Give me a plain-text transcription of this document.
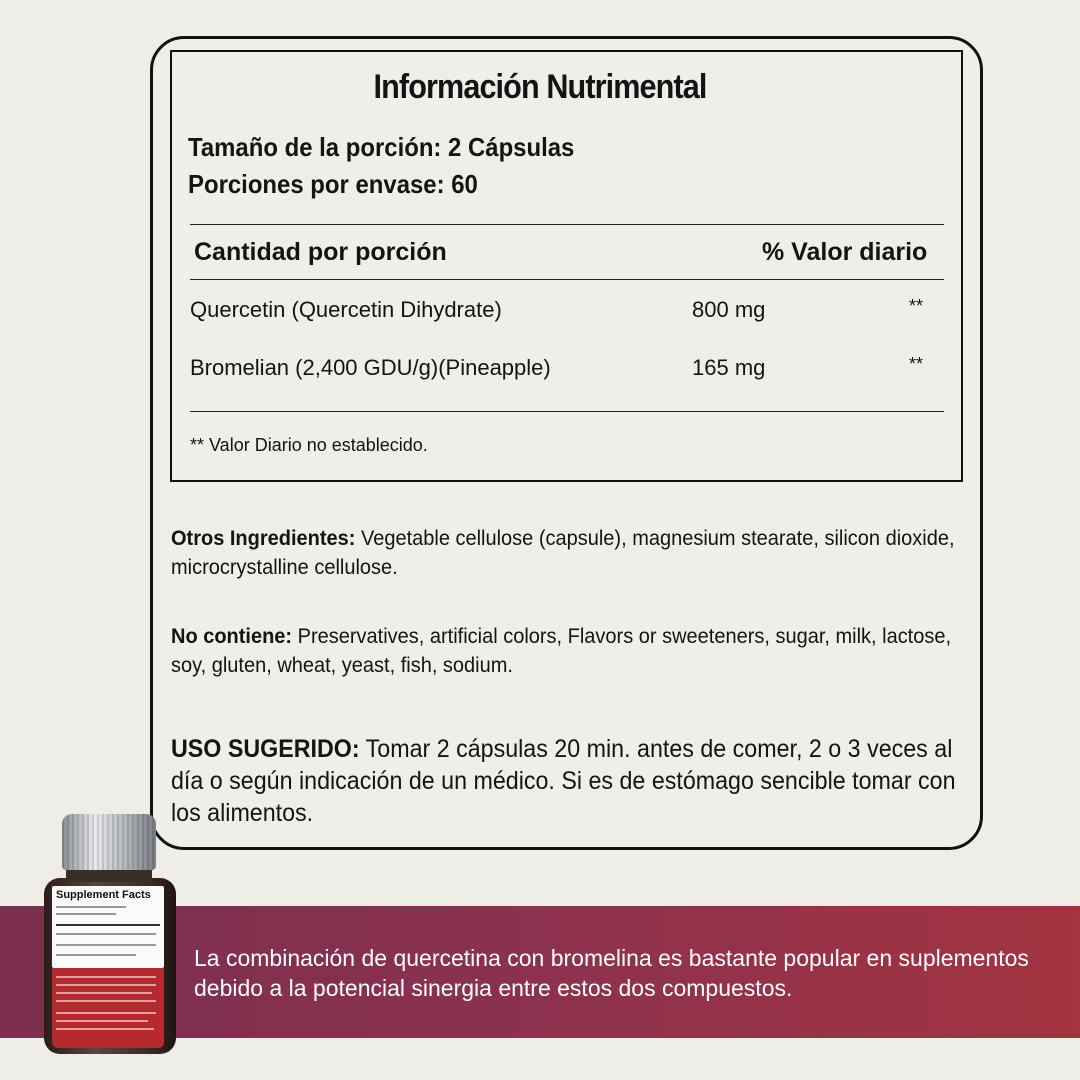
Información Nutrimental
Tamaño de la porción: 2 Cápsulas
Porciones por envase: 60
Cantidad por porción	% Valor diario
Quercetin (Quercetin Dihydrate)	800 mg	**
Bromelian (2,400 GDU/g)(Pineapple)	165 mg	**
** Valor Diario no establecido.
Otros Ingredientes: Vegetable cellulose (capsule), magnesium stearate, silicon dioxide, microcrystalline cellulose.
No contiene: Preservatives, artificial colors, Flavors or sweeteners, sugar, milk, lactose, soy, gluten, wheat, yeast, fish, sodium.
USO SUGERIDO: Tomar 2 cápsulas 20 min. antes de comer, 2 o 3 veces al día o según indicación de un médico. Si es de estómago sencible tomar con los alimentos.
La combinación de quercetina con bromelina es bastante popular en suplementos debido a la potencial sinergia entre estos dos compuestos.
Supplement Facts
